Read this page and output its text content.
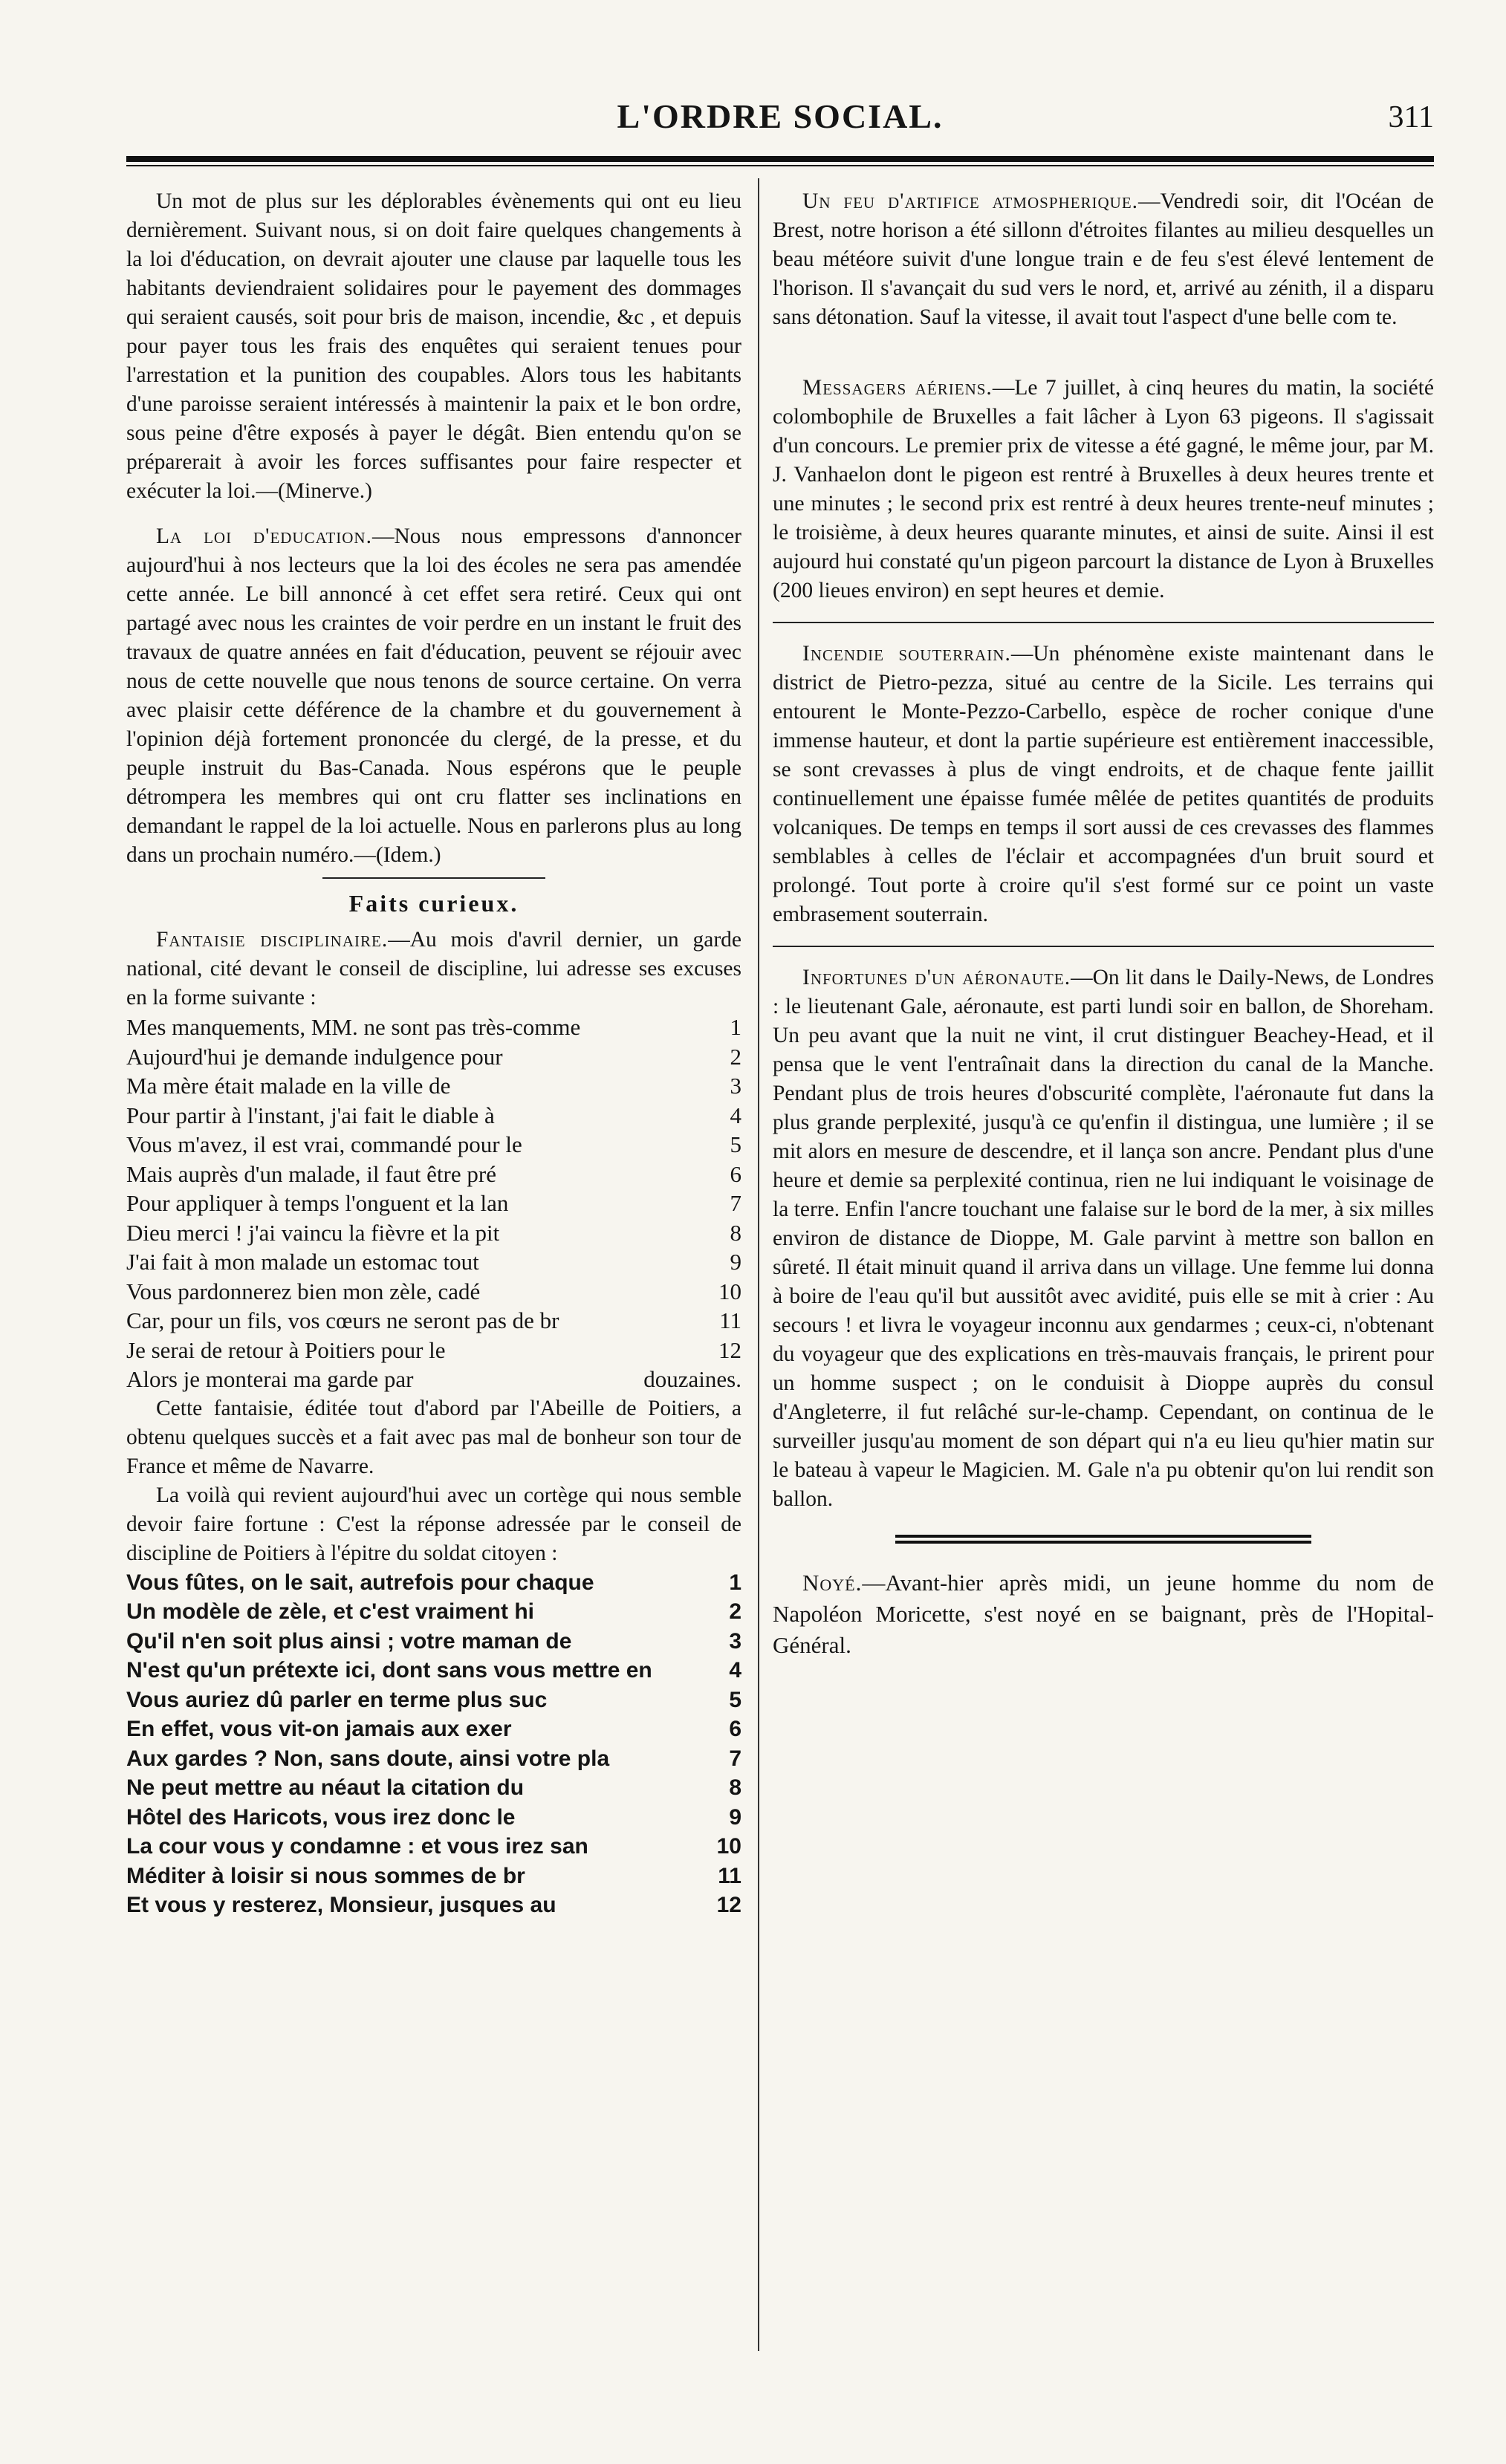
L'ORDRE SOCIAL.	311

Un mot de plus sur les déplorables évènements qui ont eu lieu dernièrement. Suivant nous, si on doit faire quelques changements à la loi d'éducation, on devrait ajouter une clause par laquelle tous les habitants deviendraient solidaires pour le payement des dommages qui seraient causés, soit pour bris de maison, incendie, &c , et depuis pour payer tous les frais des enquêtes qui seraient tenues pour l'arrestation et la punition des coupables. Alors tous les habitants d'une paroisse seraient intéressés à maintenir la paix et le bon ordre, sous peine d'être exposés à payer le dégât. Bien entendu qu'on se préparerait à avoir les forces suffisantes pour faire respecter et exécuter la loi.—(Minerve.)

La loi d'education.—Nous nous empressons d'annoncer aujourd'hui à nos lecteurs que la loi des écoles ne sera pas amendée cette année. Le bill annoncé à cet effet sera retiré. Ceux qui ont partagé avec nous les craintes de voir perdre en un instant le fruit des travaux de quatre années en fait d'éducation, peuvent se réjouir avec nous de cette nouvelle que nous tenons de source certaine. On verra avec plaisir cette déférence de la chambre et du gouvernement à l'opinion déjà fortement prononcée du clergé, de la presse, et du peuple instruit du Bas-Canada. Nous espérons que le peuple détrompera les membres qui ont cru flatter ses inclinations en demandant le rappel de la loi actuelle. Nous en parlerons plus au long dans un prochain numéro.—(Idem.)

Faits curieux.

Fantaisie disciplinaire.—Au mois d'avril dernier, un garde national, cité devant le conseil de discipline, lui adresse ses excuses en la forme suivante :

Mes manquements, MM. ne sont pas très-comme	1
Aujourd'hui je demande indulgence pour	2
Ma mère était malade en la ville de	3
Pour partir à l'instant, j'ai fait le diable à	4
Vous m'avez, il est vrai, commandé pour le	5
Mais auprès d'un malade, il faut être pré	6
Pour appliquer à temps l'onguent et la lan	7
Dieu merci ! j'ai vaincu la fièvre et la pit	8
J'ai fait à mon malade un estomac tout	9
Vous pardonnerez bien mon zèle, cadé	10
Car, pour un fils, vos cœurs ne seront pas de br	11
Je serai de retour à Poitiers pour le	12
Alors je monterai ma garde par	douzaines.

Cette fantaisie, éditée tout d'abord par l'Abeille de Poitiers, a obtenu quelques succès et a fait avec pas mal de bonheur son tour de France et même de Navarre.

La voilà qui revient aujourd'hui avec un cortège qui nous semble devoir faire fortune : C'est la réponse adressée par le conseil de discipline de Poitiers à l'épitre du soldat citoyen :

Vous fûtes, on le sait, autrefois pour chaque	1
Un modèle de zèle, et c'est vraiment hi	2
Qu'il n'en soit plus ainsi ; votre maman de	3
N'est qu'un prétexte ici, dont sans vous mettre en	4
Vous auriez dû parler en terme plus suc	5
En effet, vous vit-on jamais aux exer	6
Aux gardes ? Non, sans doute, ainsi votre pla	7
Ne peut mettre au néaut la citation du	8
Hôtel des Haricots, vous irez donc le	9
La cour vous y condamne : et vous irez san	10
Méditer à loisir si nous sommes de br	11
Et vous y resterez, Monsieur, jusques au	12

Un feu d'artifice atmospherique.—Vendredi soir, dit l'Océan de Brest, notre horison a été sillonn d'étroites filantes au milieu desquelles un beau météore suivit d'une longue train e de feu s'est élevé lentement de l'horison. Il s'avançait du sud vers le nord, et, arrivé au zénith, il a disparu sans détonation. Sauf la vitesse, il avait tout l'aspect d'une belle com te.

Messagers aériens.—Le 7 juillet, à cinq heures du matin, la société colombophile de Bruxelles a fait lâcher à Lyon 63 pigeons. Il s'agissait d'un concours. Le premier prix de vitesse a été gagné, le même jour, par M. J. Vanhaelon dont le pigeon est rentré à Bruxelles à deux heures trente et une minutes ; le second prix est rentré à deux heures trente-neuf minutes ; le troisième, à deux heures quarante minutes, et ainsi de suite. Ainsi il est aujourd hui constaté qu'un pigeon parcourt la distance de Lyon à Bruxelles (200 lieues environ) en sept heures et demie.

Incendie souterrain.—Un phénomène existe maintenant dans le district de Pietro-pezza, situé au centre de la Sicile. Les terrains qui entourent le Monte-Pezzo-Carbello, espèce de rocher conique d'une immense hauteur, et dont la partie supérieure est entièrement inaccessible, se sont crevasses à plus de vingt endroits, et de chaque fente jaillit continuellement une épaisse fumée mêlée de petites quantités de produits volcaniques. De temps en temps il sort aussi de ces crevasses des flammes semblables à celles de l'éclair et accompagnées d'un bruit sourd et prolongé. Tout porte à croire qu'il s'est formé sur ce point un vaste embrasement souterrain.

Infortunes d'un aéronaute.—On lit dans le Daily-News, de Londres : le lieutenant Gale, aéronaute, est parti lundi soir en ballon, de Shoreham. Un peu avant que la nuit ne vint, il crut distinguer Beachey-Head, et il pensa que le vent l'entraînait dans la direction du canal de la Manche. Pendant plus de trois heures d'obscurité complète, l'aéronaute fut dans la plus grande perplexité, jusqu'à ce qu'enfin il distingua, une lumière ; il se mit alors en mesure de descendre, et il lança son ancre. Pendant plus d'une heure et demie sa perplexité continua, rien ne lui indiquant le voisinage de la terre. Enfin l'ancre touchant une falaise sur le bord de la mer, à six milles environ de distance de Dioppe, M. Gale parvint à mettre son ballon en sûreté. Il était minuit quand il arriva dans un village. Une femme lui donna à boire de l'eau qu'il but aussitôt avec avidité, puis elle se mit à crier : Au secours ! et livra le voyageur inconnu aux gendarmes ; ceux-ci, n'obtenant du voyageur que des explications en très-mauvais français, le prirent pour un homme suspect ; on le conduisit à Dioppe auprès du consul d'Angleterre, il fut relâché sur-le-champ. Cependant, on continua de le surveiller jusqu'au moment de son départ qui n'a eu lieu qu'hier matin sur le bateau à vapeur le Magicien. M. Gale n'a pu obtenir qu'on lui rendit son ballon.

Noyé.—Avant-hier après midi, un jeune homme du nom de Napoléon Moricette, s'est noyé en se baignant, près de l'Hopital-Général.
